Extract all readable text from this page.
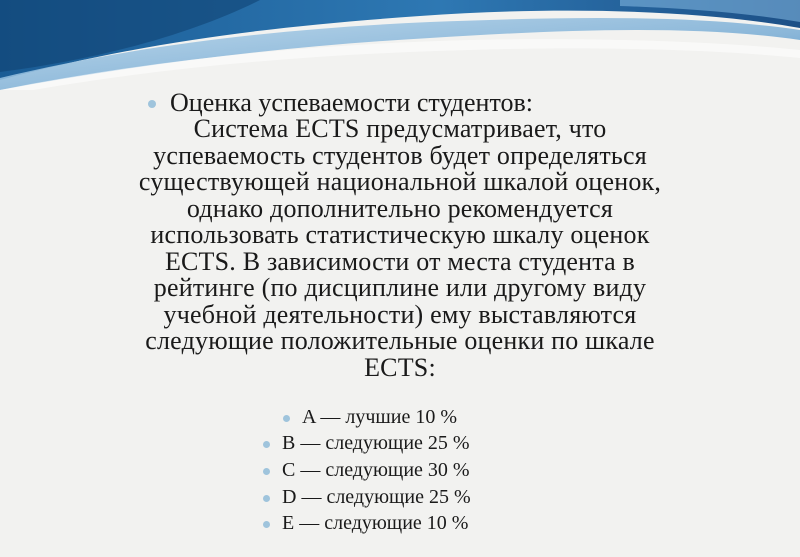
Оценка успеваемости студентов:
Система ECTS предусматривает, что
успеваемость студентов будет определяться
существующей национальной шкалой оценок,
однако дополнительно рекомендуется
использовать статистическую шкалу оценок
ECTS. В зависимости от места студента в
рейтинге (по дисциплине или другому виду
учебной деятельности) ему выставляются
следующие положительные оценки по шкале
ECTS:
A — лучшие 10 %
B — следующие 25 %
C — следующие 30 %
D — следующие 25 %
E — следующие 10 %
